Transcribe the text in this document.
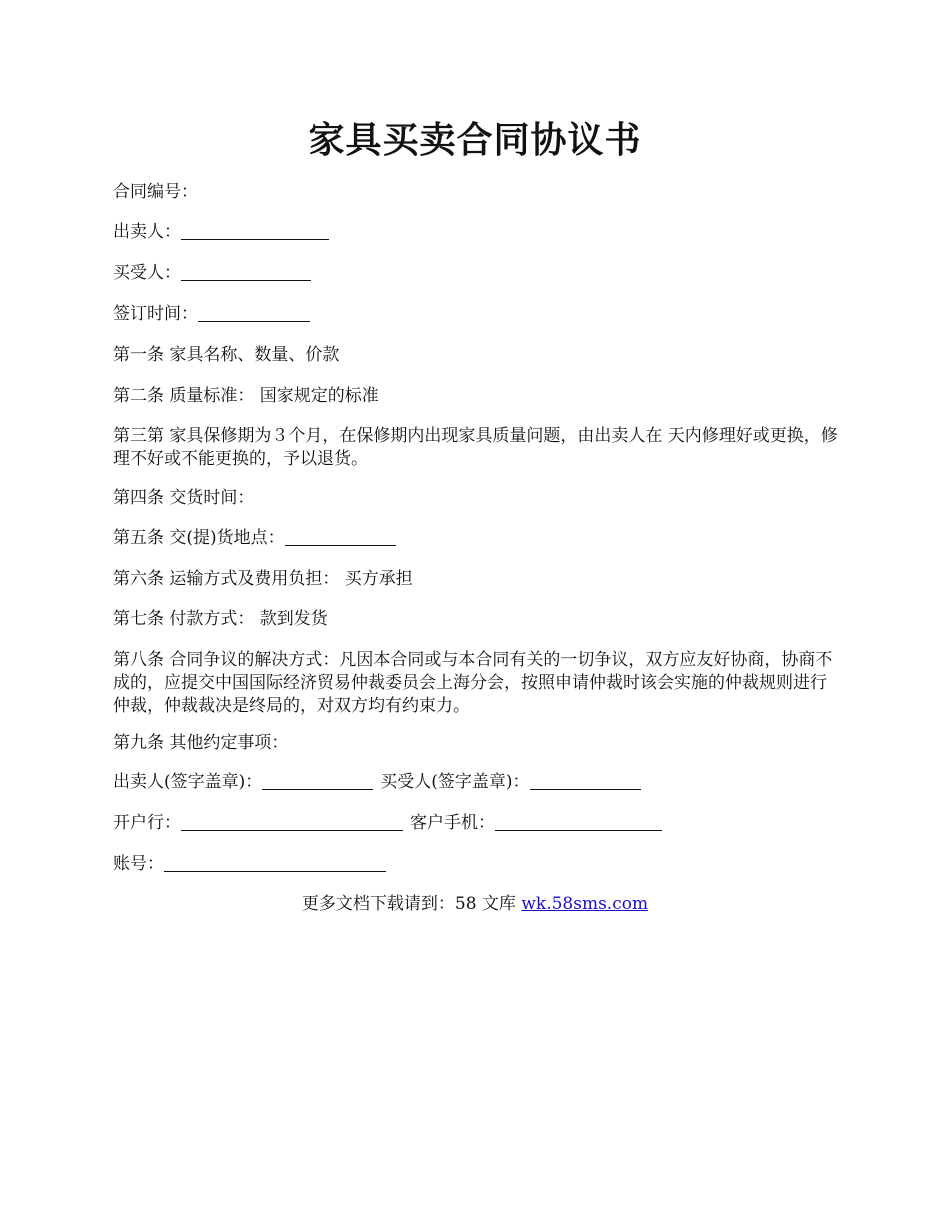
家具买卖合同协议书

合同编号：

出卖人：

买受人：

签订时间：

第一条 家具名称、数量、价款

第二条 质量标准： 国家规定的标准

第三第 家具保修期为３个月，在保修期内出现家具质量问题，由出卖人在 天内修理好或更换，修理不好或不能更换的，予以退货。

第四条 交货时间：

第五条 交(提)货地点：

第六条 运输方式及费用负担： 买方承担

第七条 付款方式： 款到发货

第八条 合同争议的解决方式：凡因本合同或与本合同有关的一切争议，双方应友好协商，协商不成的，应提交中国国际经济贸易仲裁委员会上海分会，按照申请仲裁时该会实施的仲裁规则进行仲裁，仲裁裁决是终局的，对双方均有约束力。

第九条 其他约定事项：

出卖人(签字盖章)：	买受人(签字盖章)：

开户行：	客户手机：

账号：

更多文档下载请到：58 文库 wk.58sms.com
